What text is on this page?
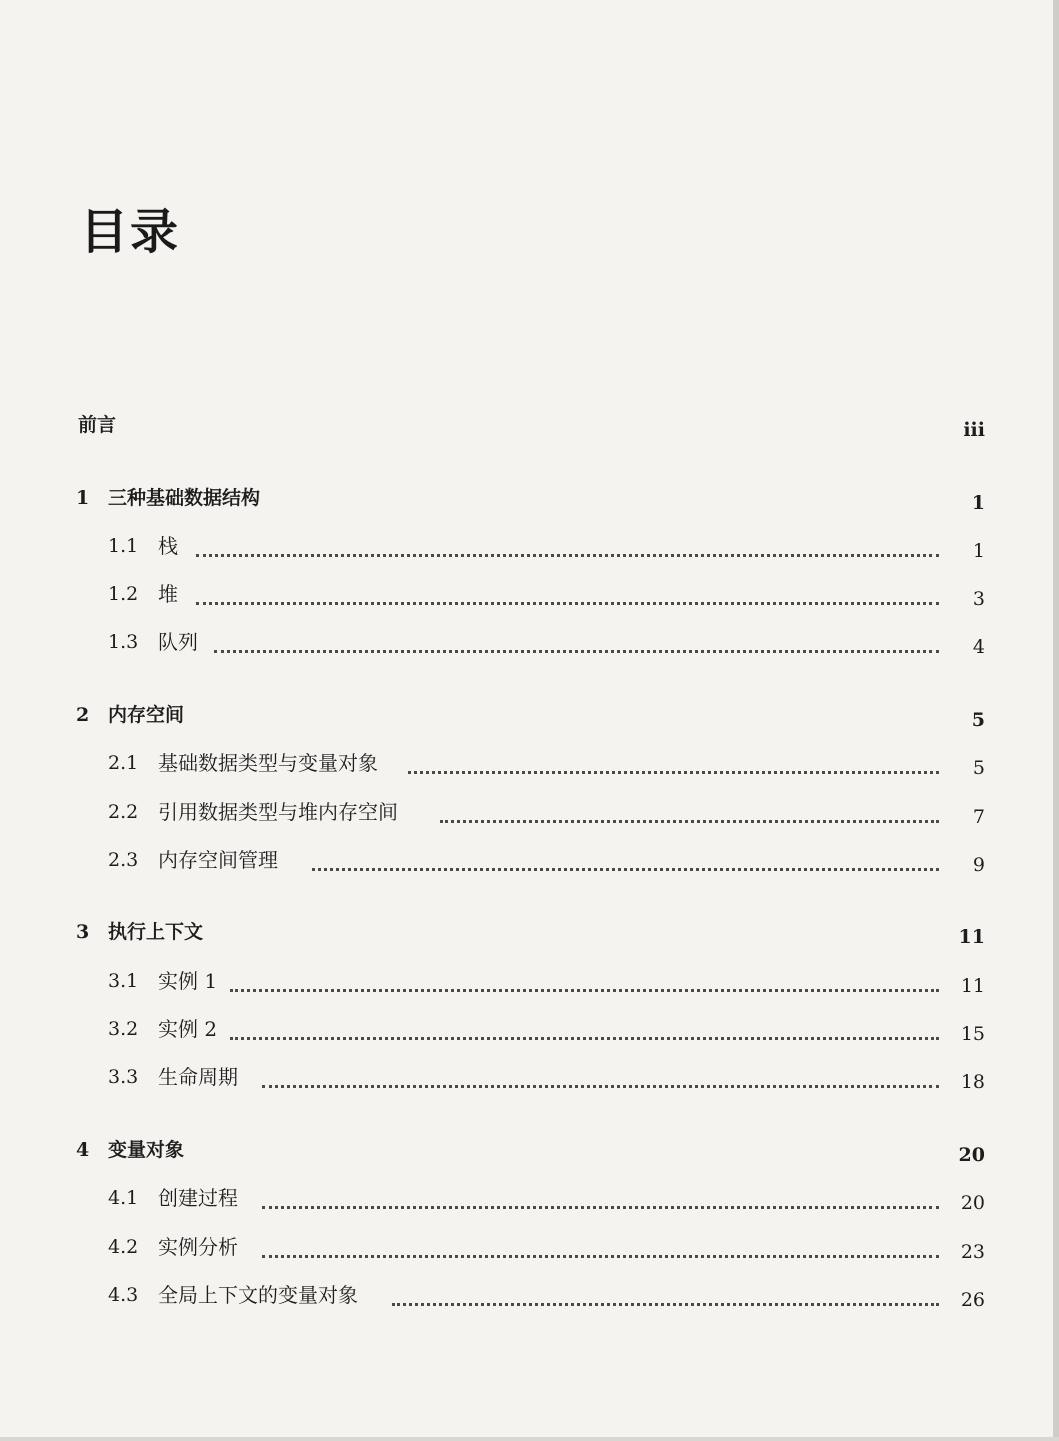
目录
前言	iii
1 三种基础数据结构	1
1.1 栈	1
1.2 堆	3
1.3 队列	4
2 内存空间	5
2.1 基础数据类型与变量对象	5
2.2 引用数据类型与堆内存空间	7
2.3 内存空间管理	9
3 执行上下文	11
3.1 实例 1	11
3.2 实例 2	15
3.3 生命周期	18
4 变量对象	20
4.1 创建过程	20
4.2 实例分析	23
4.3 全局上下文的变量对象	26
